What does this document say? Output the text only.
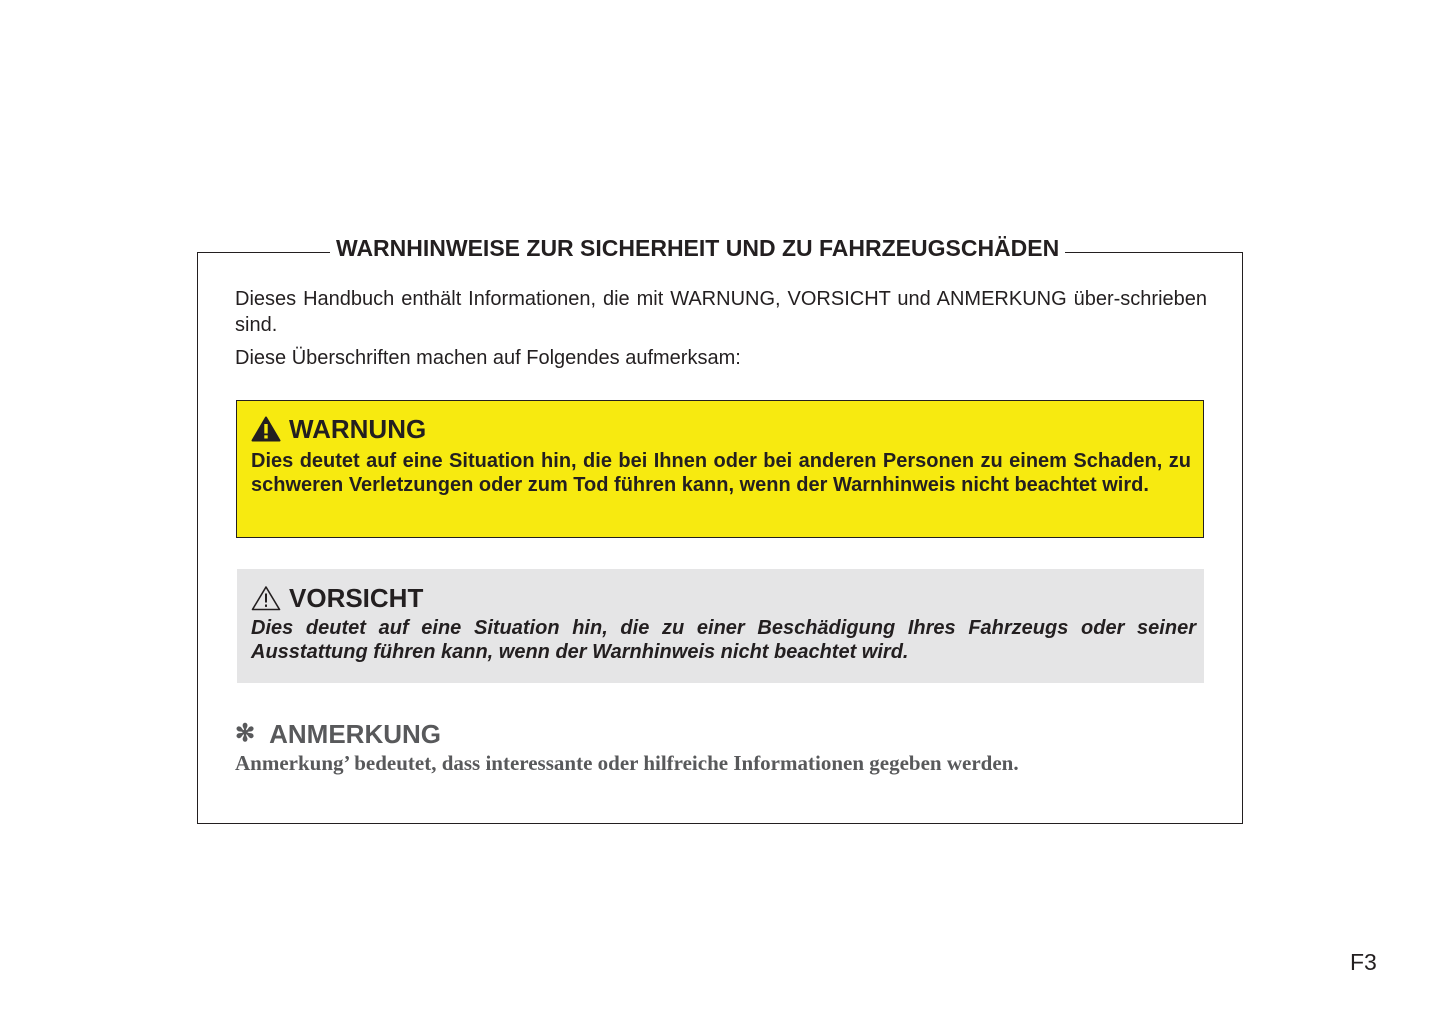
WARNHINWEISE ZUR SICHERHEIT UND ZU FAHRZEUGSCHÄDEN

Dieses Handbuch enthält Informationen, die mit WARNUNG, VORSICHT und ANMERKUNG über-schrieben sind.

Diese Überschriften machen auf Folgendes aufmerksam:

WARNUNG
Dies deutet auf eine Situation hin, die bei Ihnen oder bei anderen Personen zu einem Schaden, zu schweren Verletzungen oder zum Tod führen kann, wenn der Warnhinweis nicht beachtet wird.
VORSICHT
Dies deutet auf eine Situation hin, die zu einer Beschädigung Ihres Fahrzeugs oder seiner Ausstattung führen kann, wenn der Warnhinweis nicht beachtet wird.
✻ ANMERKUNG
Anmerkung’ bedeutet, dass interessante oder hilfreiche Informationen gegeben werden.
F3
